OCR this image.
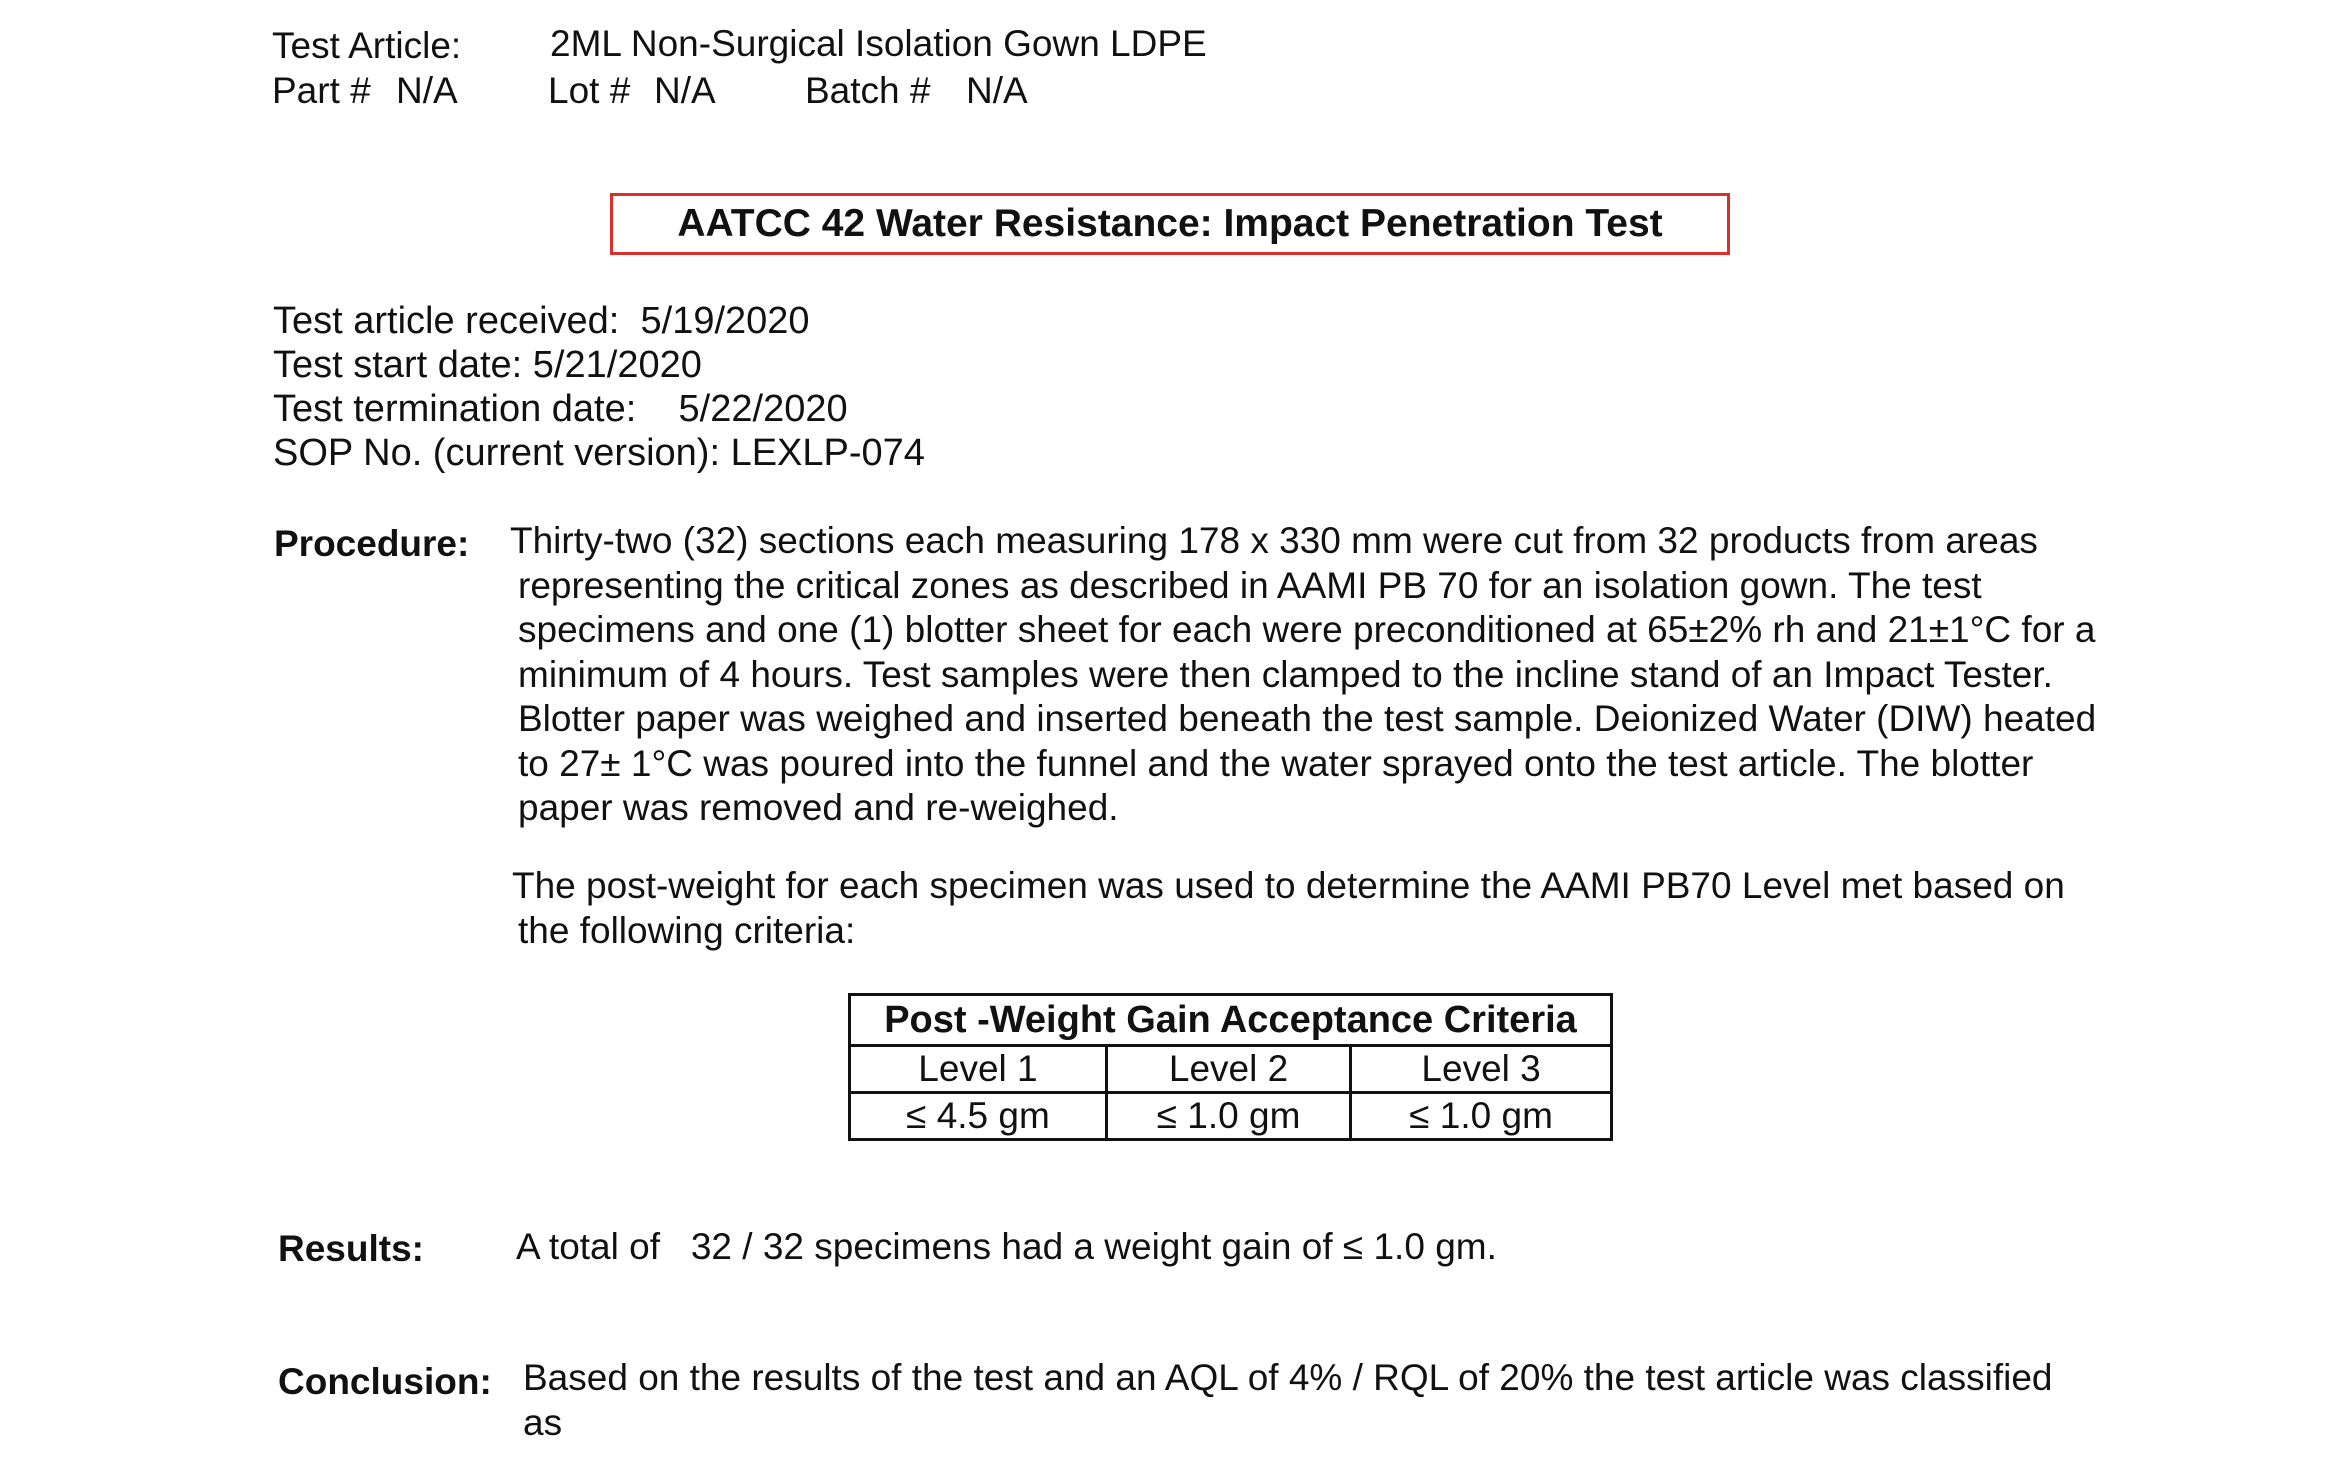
Test Article: 2ML Non-Surgical Isolation Gown LDPE
Part # N/A Lot # N/A Batch # N/A
AATCC 42 Water Resistance: Impact Penetration Test
Test article received: 5/19/2020
Test start date: 5/21/2020
Test termination date: 5/22/2020
SOP No. (current version): LEXLP-074
Procedure: Thirty-two (32) sections each measuring 178 x 330 mm were cut from 32 products from areas
representing the critical zones as described in AAMI PB 70 for an isolation gown. The test
specimens and one (1) blotter sheet for each were preconditioned at 65±2% rh and 21±1°C for a
minimum of 4 hours. Test samples were then clamped to the incline stand of an Impact Tester.
Blotter paper was weighed and inserted beneath the test sample. Deionized Water (DIW) heated
to 27± 1°C was poured into the funnel and the water sprayed onto the test article. The blotter
paper was removed and re-weighed.
The post-weight for each specimen was used to determine the AAMI PB70 Level met based on
the following criteria:
Post -Weight Gain Acceptance Criteria		
Level 1	Level 2	Level 3
≤ 4.5 gm	≤ 1.0 gm	≤ 1.0 gm
Results: A total of 32 / 32 specimens had a weight gain of ≤ 1.0 gm.
Conclusion: Based on the results of the test and an AQL of 4% / RQL of 20% the test article was classified
as
